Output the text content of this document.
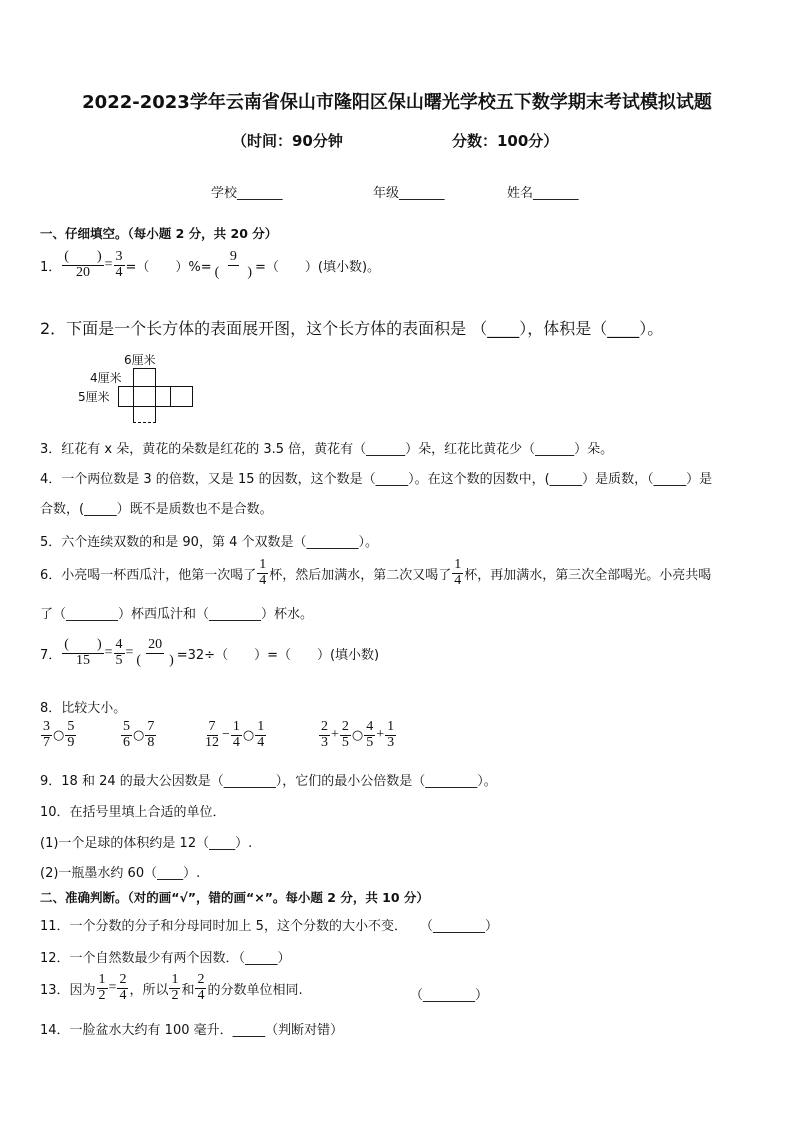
2022-2023学年云南省保山市隆阳区保山曙光学校五下数学期末考试模拟试题
（时间：90分钟	分数：100分）
学校_______	年级_______	姓名_______
一、仔细填空。（每小题 2 分，共 20 分）
1． $\frac{( )}{20} = \frac{3}{4}$ =（　　）%= $\frac{9}{( )}$ =（　　）(填小数)。
2．下面是一个长方体的表面展开图，这个长方体的表面积是 （____），体积是（____）。
6厘米
4厘米
5厘米
3．红花有 x 朵，黄花的朵数是红花的 3.5 倍，黄花有（______）朵，红花比黄花少（______）朵。
4．一个两位数是 3 的倍数，又是 15 的因数，这个数是（_____）。在这个数的因数中，(_____）是质数，（_____）是
合数，(_____）既不是质数也不是合数。
5．六个连续双数的和是 90，第 4 个双数是（________）。
6．小亮喝一杯西瓜汁，他第一次喝了 $\frac{1}{4}$ 杯，然后加满水，第二次又喝了 $\frac{1}{4}$ 杯，再加满水，第三次全部喝光。小亮共喝
了（________）杯西瓜汁和（________）杯水。
7． $\frac{( )}{15} = \frac{4}{5} = \frac{20}{( )} =32\div$（　　）=（　　）(填小数)
8．比较大小。
$\frac{3}{7}$ ○ $\frac{5}{9}$	$\frac{5}{6}$ ○ $\frac{7}{8}$	$\frac{7}{12} - \frac{1}{4}$ ○ $\frac{1}{4}$	$\frac{2}{3} + \frac{2}{5}$ ○ $\frac{4}{5} + \frac{1}{3}$
9．18 和 24 的最大公因数是（________），它们的最小公倍数是（________）。
10．在括号里填上合适的单位．
(1)一个足球的体积约是 12（____）.
(2)一瓶墨水约 60（____）.
二、准确判断。（对的画“√”，错的画“×”。每小题 2 分，共 10 分）
11．一个分数的分子和分母同时加上 5，这个分数的大小不变．　　（________）
12．一个自然数最少有两个因数．（_____）
13．因为 $\frac{1}{2} = \frac{2}{4}$ ，所以 $\frac{1}{2}$ 和 $\frac{2}{4}$ 的分数单位相同.	（________）
14．一脸盆水大约有 100 毫升．_____（判断对错）
